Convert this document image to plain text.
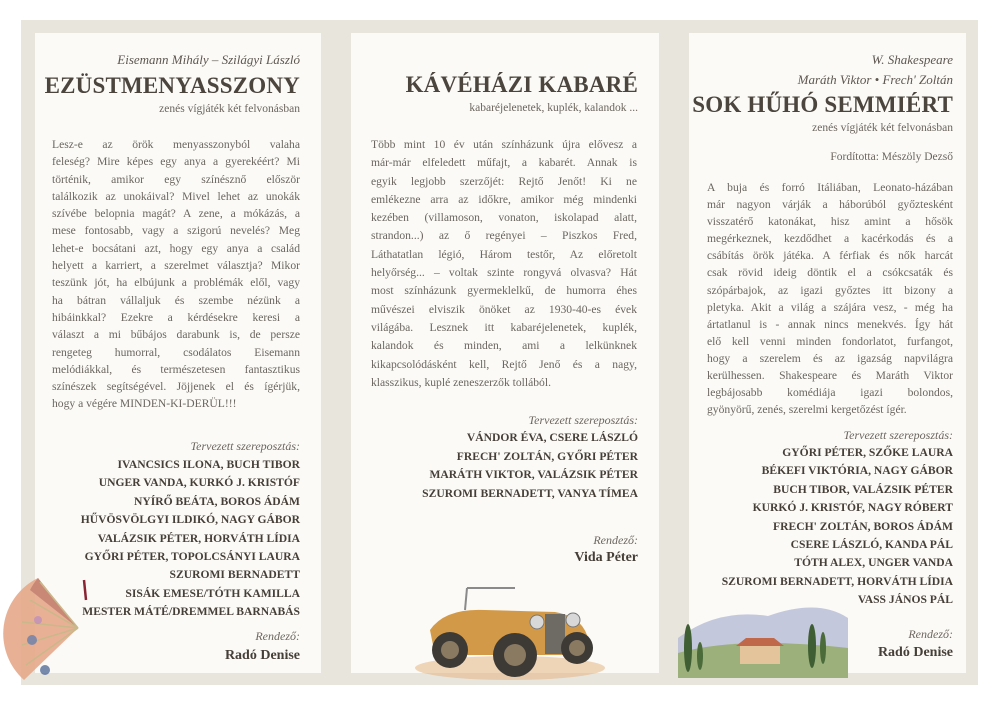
Eisemann Mihály – Szilágyi László
EZÜSTMENYASSZONY
zenés vígjáték két felvonásban
Lesz-e az örök menyasszonyból valaha
feleség? Mire képes egy anya a gyerekéért? Mi
történik, amikor egy színésznő először
találkozik az unokáival? Mivel lehet az unokák
szívébe belopnia magát? A zene, a mókázás, a
mese fontosabb, vagy a szigorú nevelés? Meg
lehet-e bocsátani azt, hogy egy anya a család
helyett a karriert, a szerelmet választja? Mikor
teszünk jót, ha elbújunk a problémák elől, vagy
ha bátran vállaljuk és szembe nézünk a
hibáinkkal? Ezekre a kérdésekre keresi a
választ a mi bűbájos darabunk is, de persze
rengeteg humorral, csodálatos Eisemann
melódiákkal, és természetesen fantasztikus
színészek segítségével. Jöjjenek el és ígérjük,
hogy a végére MINDEN-KI-DERÜL!!!
Tervezett szereposztás:
IVANCSICS ILONA, BUCH TIBOR
UNGER VANDA, KURKÓ J. KRISTÓF
NYÍRŐ BEÁTA, BOROS ÁDÁM
HŰVÖSVÖLGYI ILDIKÓ, NAGY GÁBOR
VALÁZSIK PÉTER, HORVÁTH LÍDIA
GYŐRI PÉTER, TOPOLCSÁNYI LAURA
SZUROMI BERNADETT
SISÁK EMESE/TÓTH KAMILLA
MESTER MÁTÉ/DREMMEL BARNABÁS
Rendező:
Radó Denise
KÁVÉHÁZI KABARÉ
kabaréjelenetek, kuplék, kalandok ...
Több mint 10 év után színházunk újra elővesz a
már-már elfeledett műfajt, a kabarét. Annak is
egyik legjobb szerzőjét: Rejtő Jenőt! Ki ne
emlékezne arra az időkre, amikor még mindenki
kezében (villamoson, vonaton, iskolapad alatt,
strandon...) az ő regényei – Piszkos Fred,
Láthatatlan légió, Három testőr, Az előretolt
helyőrség... – voltak szinte rongyvá olvasva? Hát
most színházunk gyermeklelkű, de humorra éhes
művészei elviszik önöket az 1930-40-es évek
világába. Lesznek itt kabaréjelenetek, kuplék,
kalandok és minden, ami a lelkünknek
kikapcsolódásként kell, Rejtő Jenő és a nagy,
klasszikus, kuplé zeneszerzők tollából.
Tervezett szereposztás:
VÁNDOR ÉVA, CSERE LÁSZLÓ
FRECH' ZOLTÁN, GYŐRI PÉTER
MARÁTH VIKTOR, VALÁZSIK PÉTER
SZUROMI BERNADETT, VANYA TÍMEA
Rendező:
Vida Péter
W. Shakespeare
Maráth Viktor • Frech' Zoltán
SOK HŰHÓ SEMMIÉRT
zenés vígjáték két felvonásban
Fordította: Mészöly Dezső
A buja és forró Itáliában, Leonato-házában
már nagyon várják a háborúból győztesként
visszatérő katonákat, hisz amint a hősök
megérkeznek, kezdődhet a kacérkodás és a
csábítás örök játéka. A férfiak és nők harcát
csak rövid ideig döntik el a csókcsaták és
szópárbajok, az igazi győztes itt bizony a
pletyka. Akit a világ a szájára vesz, - még ha
ártatlanul is - annak nincs menekvés. Így hát
elő kell venni minden fondorlatot, furfangot,
hogy a szerelem és az igazság napvilágra
kerülhessen. Shakespeare és Maráth Viktor
legbájosabb komédiája igazi bolondos,
gyönyörű, zenés, szerelmi kergetőzést ígér.
Tervezett szereposztás:
GYŐRI PÉTER, SZŐKE LAURA
BÉKEFI VIKTÓRIA, NAGY GÁBOR
BUCH TIBOR, VALÁZSIK PÉTER
KURKÓ J. KRISTÓF, NAGY RÓBERT
FRECH' ZOLTÁN, BOROS ÁDÁM
CSERE LÁSZLÓ, KANDA PÁL
TÓTH ALEX, UNGER VANDA
SZUROMI BERNADETT, HORVÁTH LÍDIA
VASS JÁNOS PÁL
Rendező:
Radó Denise
